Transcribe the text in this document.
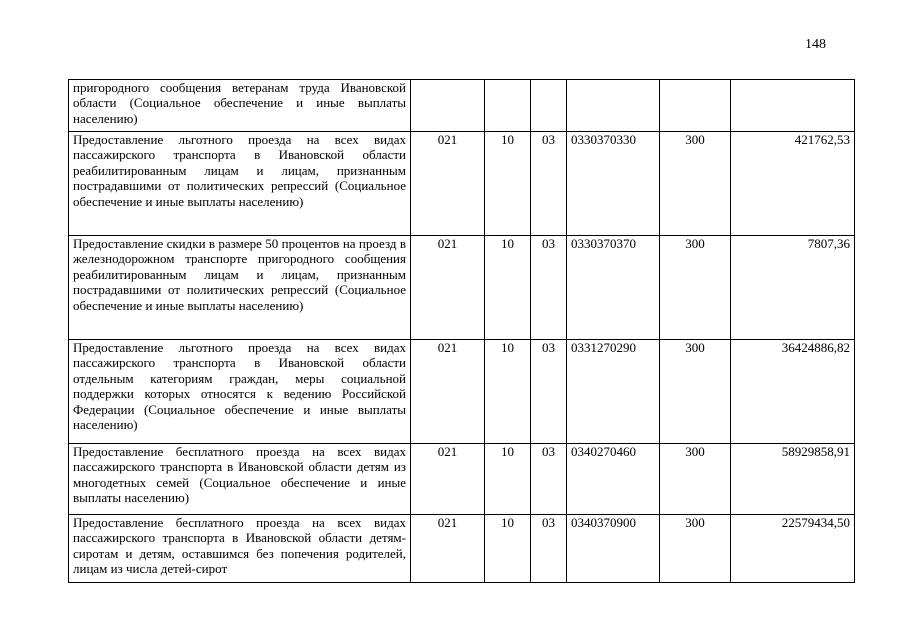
148
пригородного сообщения ветеранам труда Ивановской области (Социальное обеспечение и иные выплаты населению)						
Предоставление льготного проезда на всех видах пассажирского транспорта в Ивановской области реабилитированным лицам и лицам, признанным пострадавшими от политических репрессий (Социальное обеспечение и иные выплаты населению)	021	10	03	0330370330	300	421762,53
Предоставление скидки в размере 50 процентов на проезд в железнодорожном транспорте пригородного сообщения реабилитированным лицам и лицам, признанным пострадавшими от политических репрессий (Социальное обеспечение и иные выплаты населению)	021	10	03	0330370370	300	7807,36
Предоставление льготного проезда на всех видах пассажирского транспорта в Ивановской области отдельным категориям граждан, меры социальной поддержки которых относятся к ведению Российской Федерации (Социальное обеспечение и иные выплаты населению)	021	10	03	0331270290	300	36424886,82
Предоставление бесплатного проезда на всех видах пассажирского транспорта в Ивановской области детям из многодетных семей (Социальное обеспечение и иные выплаты населению)	021	10	03	0340270460	300	58929858,91
Предоставление бесплатного проезда на всех видах пассажирского транспорта в Ивановской области детям-сиротам и детям, оставшимся без попечения родителей, лицам из числа детей-сирот	021	10	03	0340370900	300	22579434,50
